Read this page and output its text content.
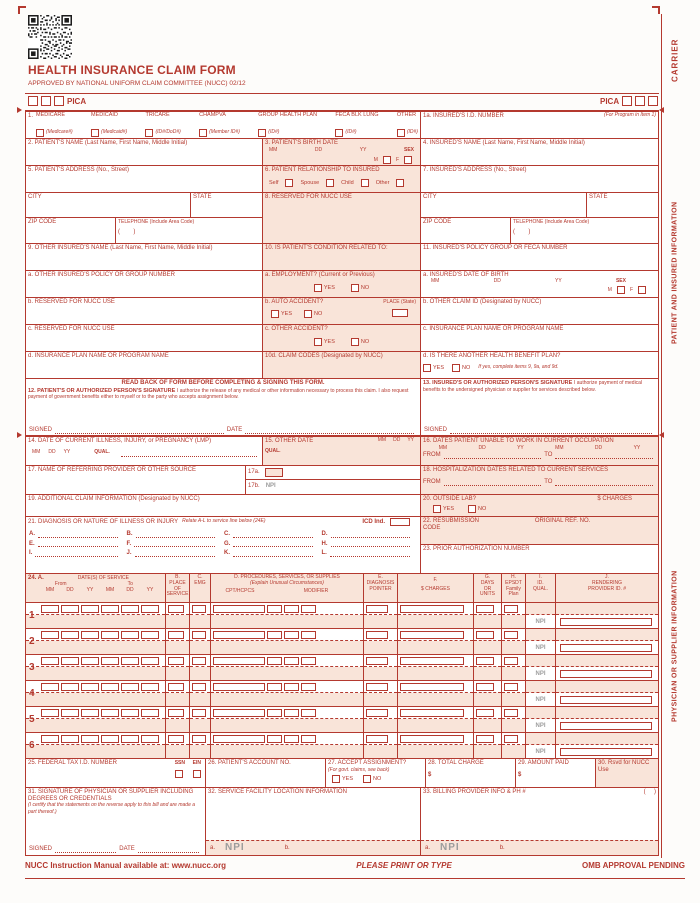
HEALTH INSURANCE CLAIM FORM
APPROVED BY NATIONAL UNIFORM CLAIM COMMITTEE (NUCC) 02/12
PICA	PICA
1. MEDICARE
(Medicare#)
MEDICAID
(Medicaid#)
TRICARE
(ID#/DoD#)
CHAMPVA
(Member ID#)
GROUP HEALTH PLAN
(ID#)
FECA BLK LUNG
(ID#)
OTHER
(ID#)
1a. INSURED'S I.D. NUMBER	(For Program in Item 1)
2. PATIENT'S NAME (Last Name, First Name, Middle Initial)	3. PATIENT'S BIRTH DATE
MM	DD	YY	SEX
M	F
4. INSURED'S NAME (Last Name, First Name, Middle Initial)
5. PATIENT'S ADDRESS (No., Street)	6. PATIENT RELATIONSHIP TO INSURED
Self	Spouse	Child	Other
7. INSURED'S ADDRESS (No., Street)
CITY	STATE	8. RESERVED FOR NUCC USE	CITY	STATE
ZIP CODE	TELEPHONE (Include Area Code)
(        )
ZIP CODE	TELEPHONE (Include Area Code)
(        )
9. OTHER INSURED'S NAME (Last Name, First Name, Middle Initial)	10. IS PATIENT'S CONDITION RELATED TO:	11. INSURED'S POLICY GROUP OR FECA NUMBER
a. OTHER INSURED'S POLICY OR GROUP NUMBER	a. EMPLOYMENT? (Current or Previous)
YES	NO
a. INSURED'S DATE OF BIRTH
MM	DD	YY	SEX
M	F
b. RESERVED FOR NUCC USE	b. AUTO ACCIDENT?
YES	NO
PLACE (State)	b. OTHER CLAIM ID (Designated by NUCC)
c. RESERVED FOR NUCC USE	c. OTHER ACCIDENT?
YES	NO
c. INSURANCE PLAN NAME OR PROGRAM NAME
d. INSURANCE PLAN NAME OR PROGRAM NAME	10d. CLAIM CODES (Designated by NUCC)	d. IS THERE ANOTHER HEALTH BENEFIT PLAN?
YES	NO If yes, complete items 9, 9a, and 9d.
READ BACK OF FORM BEFORE COMPLETING & SIGNING THIS FORM.
12. PATIENT'S OR AUTHORIZED PERSON'S SIGNATURE I authorize the release of any medical or other information necessary to process this claim. I also request payment of government benefits either to myself or to the party who accepts assignment below.
SIGNED	DATE
13. INSURED'S OR AUTHORIZED PERSON'S SIGNATURE I authorize payment of medical benefits to the undersigned physician or supplier for services described below.
SIGNED
14. DATE OF CURRENT ILLNESS, INJURY, or PREGNANCY (LMP)
MM DD YY	QUAL.
15. OTHER DATE	MM DD YY
QUAL.
16. DATES PATIENT UNABLE TO WORK IN CURRENT OCCUPATION
MM	DD	YY	MM	DD	YY
FROM	TO
17. NAME OF REFERRING PROVIDER OR OTHER SOURCE	17a.
17b. NPI
18. HOSPITALIZATION DATES RELATED TO CURRENT SERVICES
FROM	TO
19. ADDITIONAL CLAIM INFORMATION (Designated by NUCC)	20. OUTSIDE LAB?	$ CHARGES
YES	NO
21. DIAGNOSIS OR NATURE OF ILLNESS OR INJURY Relate A-L to service line below (24E)	ICD Ind.
A.	B.	C.	D.
E.	F.	G.	H.
I.	J.	K.	L.
22. RESUBMISSION
CODE
ORIGINAL REF. NO.
23. PRIOR AUTHORIZATION NUMBER
24. A.	DATE(S) OF SERVICE
From	To
MM	DD	YY	MM	DD	YY
B.
PLACE OF
SERVICE
C.
EMG
D. PROCEDURES, SERVICES, OR SUPPLIES
(Explain Unusual Circumstances)
CPT/HCPCS	MODIFIER
E.
DIAGNOSIS
POINTER
F.
$ CHARGES
G.
DAYS
OR
UNITS
H.
EPSDT
Family
Plan
I.
ID.
QUAL.
J.
RENDERING
PROVIDER ID. #
1
NPI
2
NPI
3
NPI
4
NPI
5
NPI
6
NPI
25. FEDERAL TAX I.D. NUMBER	SSN EIN 26. PATIENT'S ACCOUNT NO.	27. ACCEPT ASSIGNMENT?
(For govt. claims, see back)
YES	NO
28. TOTAL CHARGE
$
29. AMOUNT PAID
$
30. Rsvd for NUCC Use
31. SIGNATURE OF PHYSICIAN OR SUPPLIER INCLUDING DEGREES OR CREDENTIALS
(I certify that the statements on the reverse apply to this bill and are made a part thereof.)
SIGNED	DATE
32. SERVICE FACILITY LOCATION INFORMATION
a. NPI	b.
33. BILLING PROVIDER INFO & PH #	(     )
a. NPI	b.
NUCC Instruction Manual available at: www.nucc.org	PLEASE PRINT OR TYPE	OMB APPROVAL PENDING
CARRIER
PATIENT AND INSURED INFORMATION
PHYSICIAN OR SUPPLIER INFORMATION
